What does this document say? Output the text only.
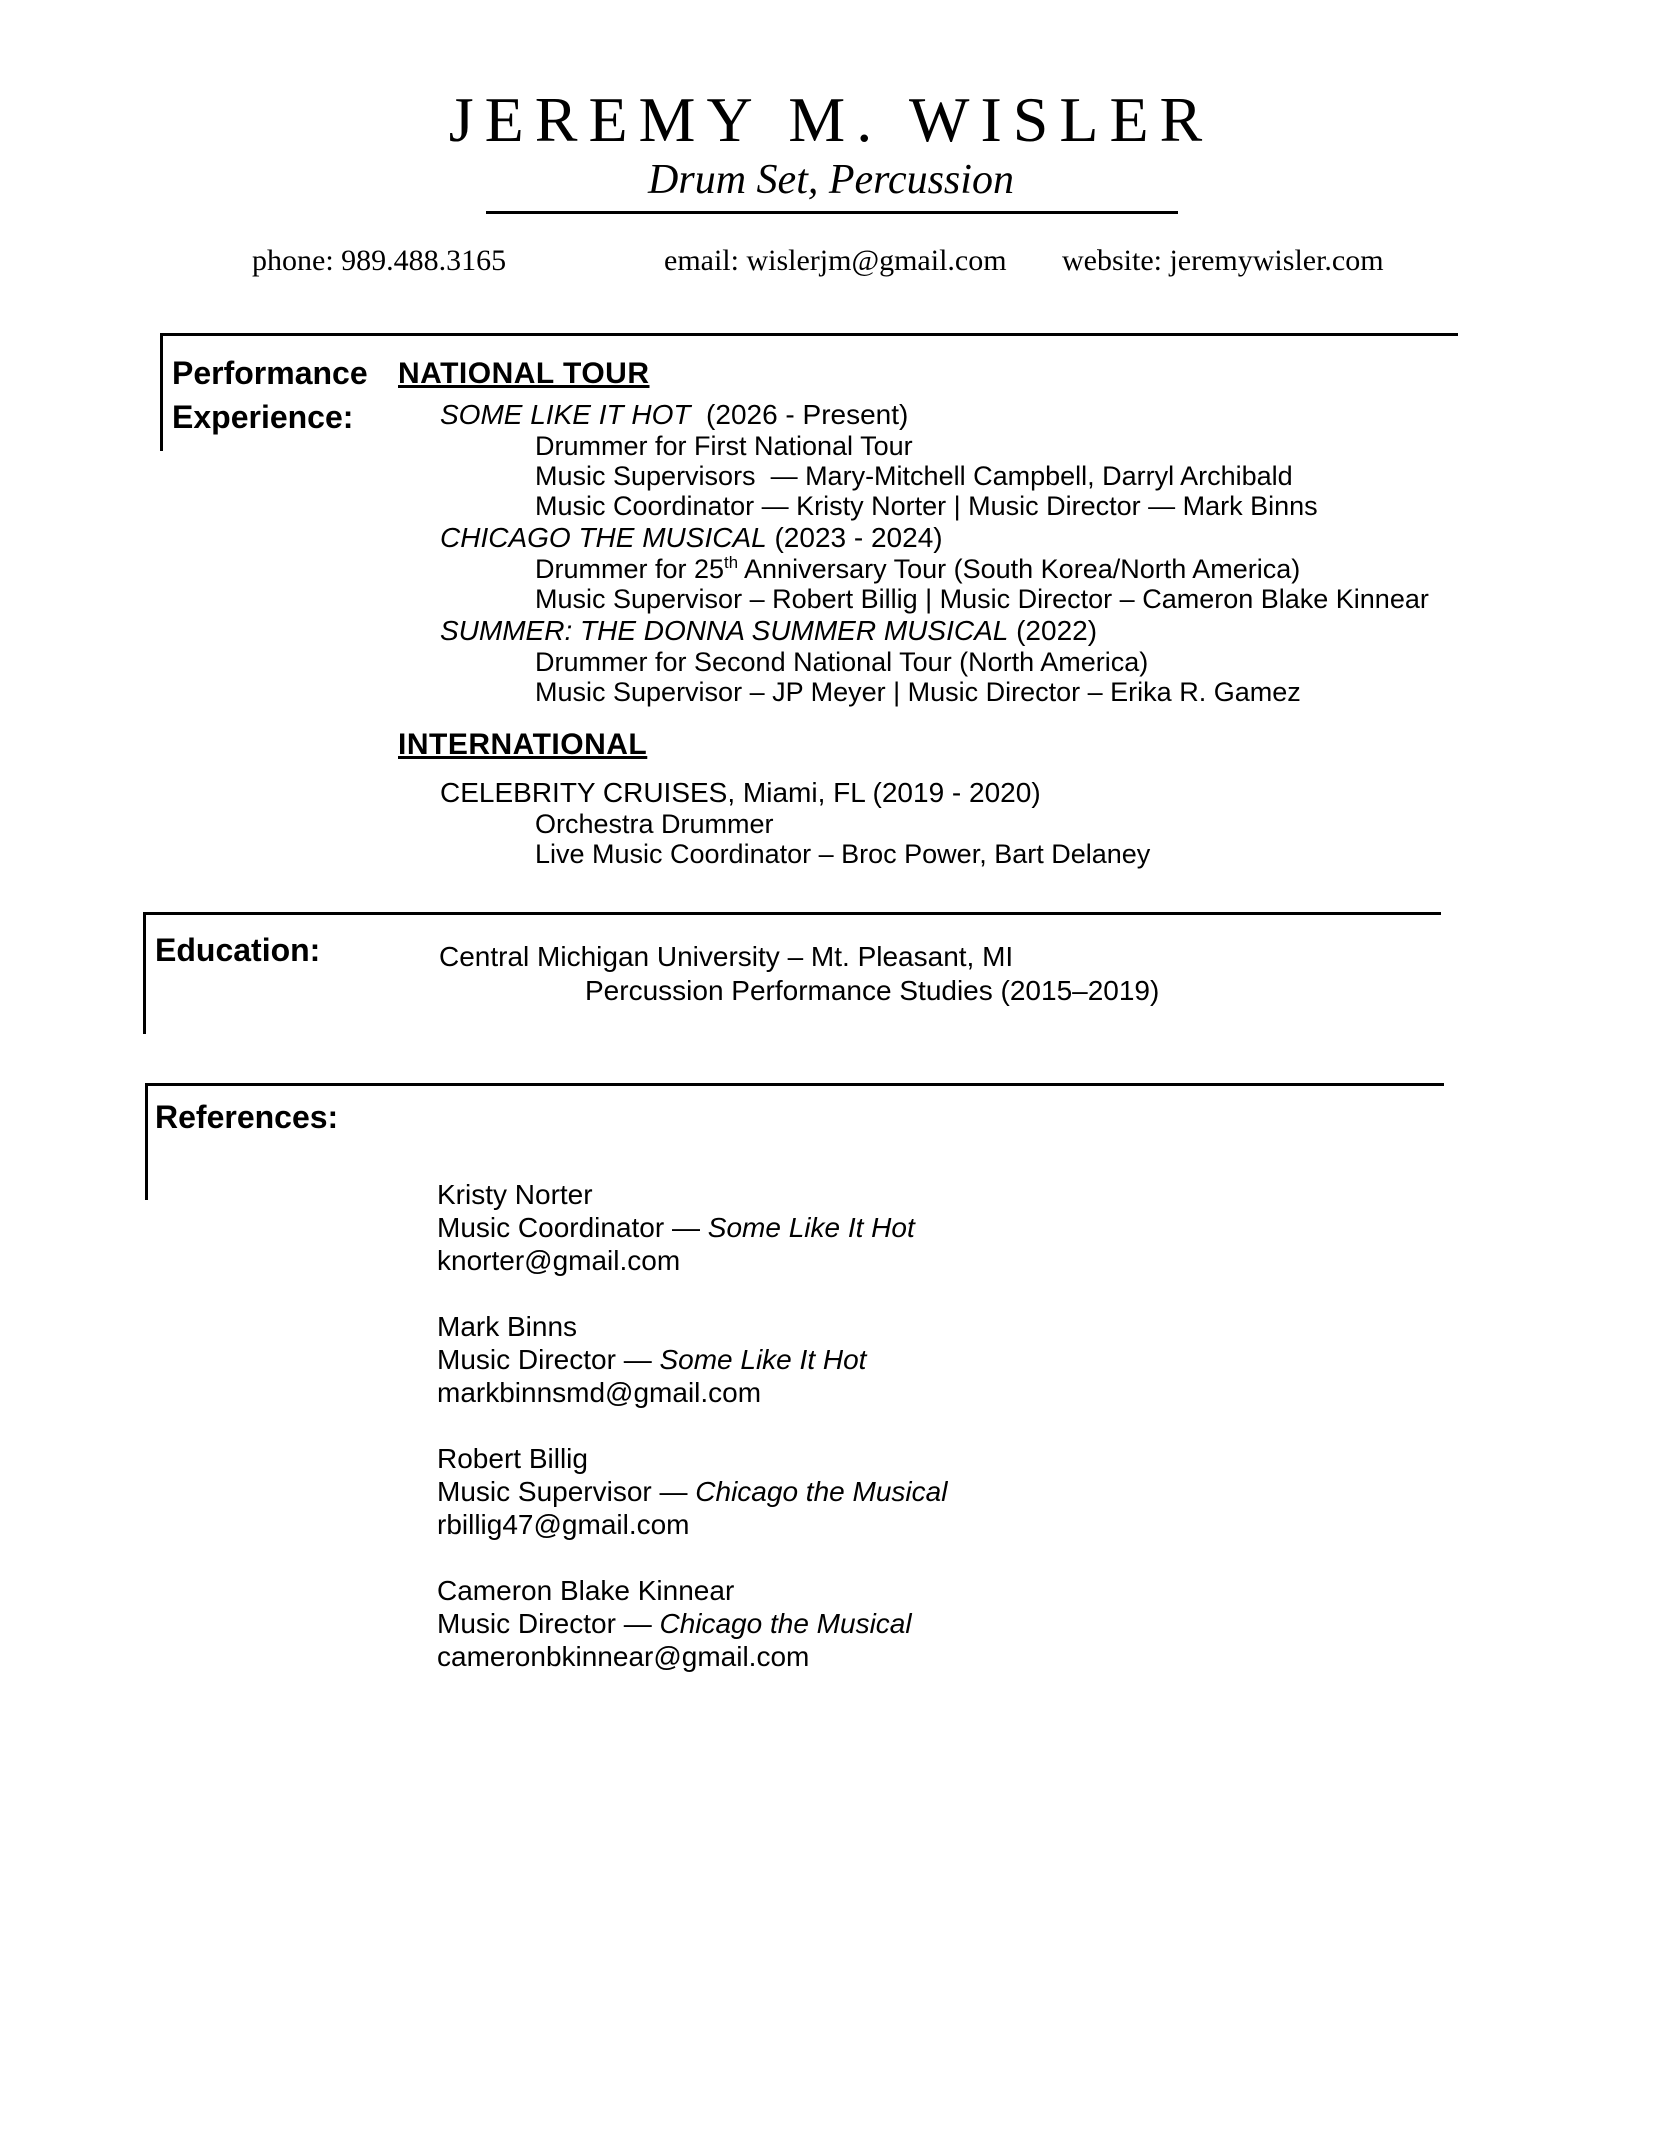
JEREMY M. WISLER
Drum Set, Percussion
phone: 989.488.3165	email: wislerjm@gmail.com website: jeremywisler.com
Performance
Experience:
NATIONAL TOUR
SOME LIKE IT HOT  (2026 - Present)
Drummer for First National Tour
Music Supervisors  — Mary-Mitchell Campbell, Darryl Archibald
Music Coordinator — Kristy Norter | Music Director — Mark Binns
CHICAGO THE MUSICAL (2023 - 2024)
Drummer for 25th Anniversary Tour (South Korea/North America)
Music Supervisor – Robert Billig | Music Director – Cameron Blake Kinnear
SUMMER: THE DONNA SUMMER MUSICAL (2022)
Drummer for Second National Tour (North America)
Music Supervisor – JP Meyer | Music Director – Erika R. Gamez
INTERNATIONAL
CELEBRITY CRUISES, Miami, FL (2019 - 2020)
Orchestra Drummer
Live Music Coordinator – Broc Power, Bart Delaney
Education:	Central Michigan University – Mt. Pleasant, MI
Percussion Performance Studies (2015–2019)
References:
Kristy Norter
Music Coordinator — Some Like It Hot
knorter@gmail.com
Mark Binns
Music Director — Some Like It Hot
markbinnsmd@gmail.com
Robert Billig
Music Supervisor — Chicago the Musical
rbillig47@gmail.com
Cameron Blake Kinnear
Music Director — Chicago the Musical
cameronbkinnear@gmail.com
